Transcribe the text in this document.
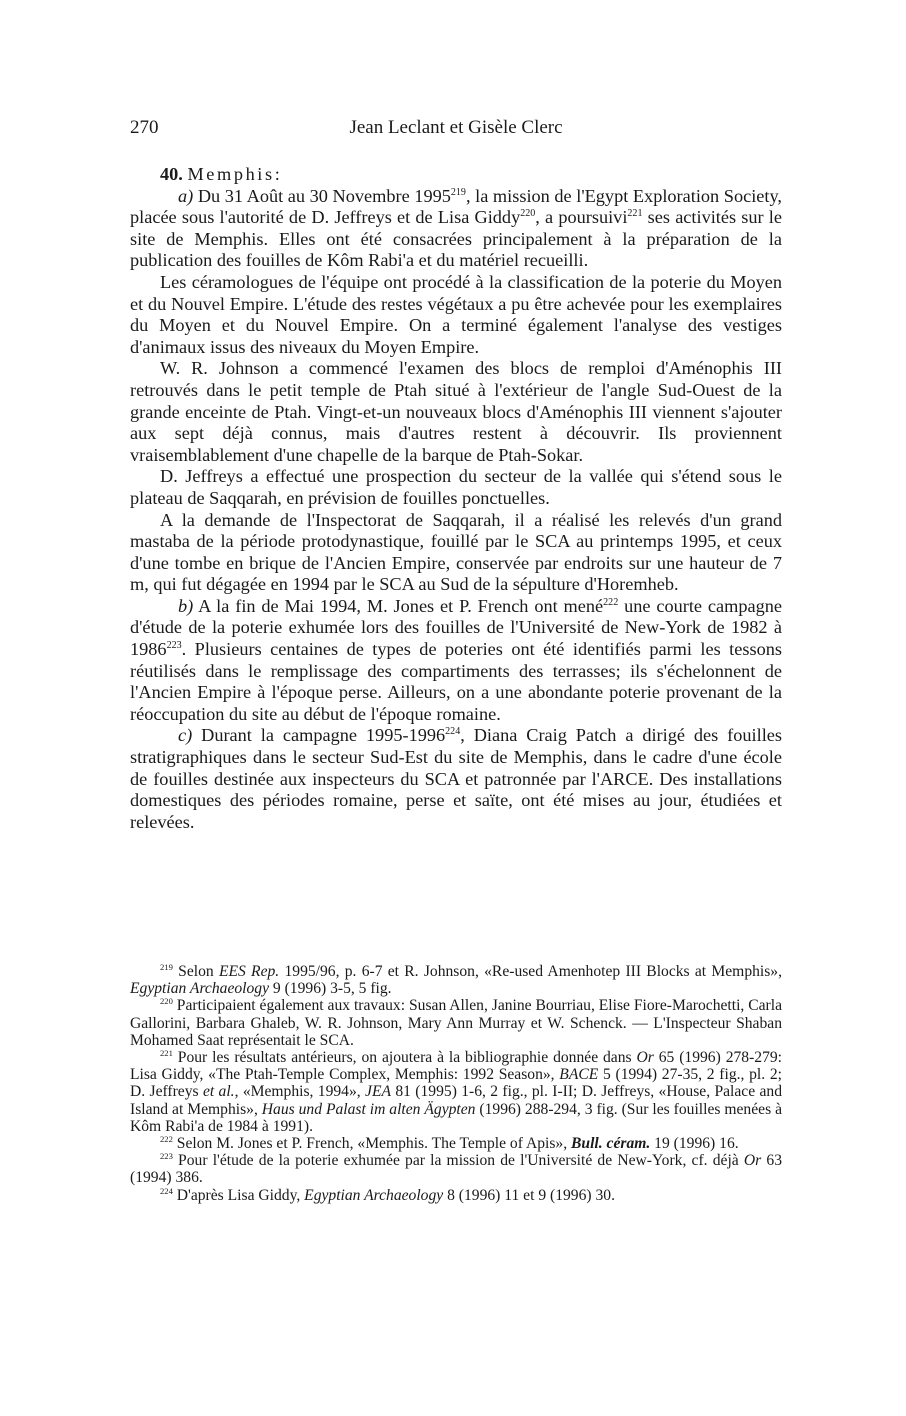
270	Jean Leclant et Gisèle Clerc

40. Memphis:

a) Du 31 Août au 30 Novembre 1995$^{219}$, la mission de l'Egypt Exploration Society, placée sous l'autorité de D. Jeffreys et de Lisa Giddy$^{220}$, a poursuivi$^{221}$ ses activités sur le site de Memphis. Elles ont été consacrées principalement à la préparation de la publication des fouilles de Kôm Rabi'a et du matériel recueilli.

Les céramologues de l'équipe ont procédé à la classification de la poterie du Moyen et du Nouvel Empire. L'étude des restes végétaux a pu être achevée pour les exemplaires du Moyen et du Nouvel Empire. On a terminé également l'analyse des vestiges d'animaux issus des niveaux du Moyen Empire.

W. R. Johnson a commencé l'examen des blocs de remploi d'Aménophis III retrouvés dans le petit temple de Ptah situé à l'extérieur de l'angle Sud-Ouest de la grande enceinte de Ptah. Vingt-et-un nouveaux blocs d'Aménophis III viennent s'ajouter aux sept déjà connus, mais d'autres restent à découvrir. Ils proviennent vraisemblablement d'une chapelle de la barque de Ptah-Sokar.

D. Jeffreys a effectué une prospection du secteur de la vallée qui s'étend sous le plateau de Saqqarah, en prévision de fouilles ponctuelles.

A la demande de l'Inspectorat de Saqqarah, il a réalisé les relevés d'un grand mastaba de la période protodynastique, fouillé par le SCA au printemps 1995, et ceux d'une tombe en brique de l'Ancien Empire, conservée par endroits sur une hauteur de 7 m, qui fut dégagée en 1994 par le SCA au Sud de la sépulture d'Horemheb.

b) A la fin de Mai 1994, M. Jones et P. French ont mené$^{222}$ une courte campagne d'étude de la poterie exhumée lors des fouilles de l'Université de New-York de 1982 à 1986$^{223}$. Plusieurs centaines de types de poteries ont été identifiés parmi les tessons réutilisés dans le remplissage des compartiments des terrasses; ils s'échelonnent de l'Ancien Empire à l'époque perse. Ailleurs, on a une abondante poterie provenant de la réoccupation du site au début de l'époque romaine.

c) Durant la campagne 1995-1996$^{224}$, Diana Craig Patch a dirigé des fouilles stratigraphiques dans le secteur Sud-Est du site de Memphis, dans le cadre d'une école de fouilles destinée aux inspecteurs du SCA et patronnée par l'ARCE. Des installations domestiques des périodes romaine, perse et saïte, ont été mises au jour, étudiées et relevées.

$^{219}$ Selon EES Rep. 1995/96, p. 6-7 et R. Johnson, «Re-used Amenhotep III Blocks at Memphis», Egyptian Archaeology 9 (1996) 3-5, 5 fig.

$^{220}$ Participaient également aux travaux: Susan Allen, Janine Bourriau, Elise Fiore-Marochetti, Carla Gallorini, Barbara Ghaleb, W. R. Johnson, Mary Ann Murray et W. Schenck. — L'Inspecteur Shaban Mohamed Saat représentait le SCA.

$^{221}$ Pour les résultats antérieurs, on ajoutera à la bibliographie donnée dans Or 65 (1996) 278-279: Lisa Giddy, «The Ptah-Temple Complex, Memphis: 1992 Season», BACE 5 (1994) 27-35, 2 fig., pl. 2; D. Jeffreys et al., «Memphis, 1994», JEA 81 (1995) 1-6, 2 fig., pl. I-II; D. Jeffreys, «House, Palace and Island at Memphis», Haus und Palast im alten Ägypten (1996) 288-294, 3 fig. (Sur les fouilles menées à Kôm Rabi'a de 1984 à 1991).

$^{222}$ Selon M. Jones et P. French, «Memphis. The Temple of Apis», Bull. céram. 19 (1996) 16.

$^{223}$ Pour l'étude de la poterie exhumée par la mission de l'Université de New-York, cf. déjà Or 63 (1994) 386.

$^{224}$ D'après Lisa Giddy, Egyptian Archaeology 8 (1996) 11 et 9 (1996) 30.
